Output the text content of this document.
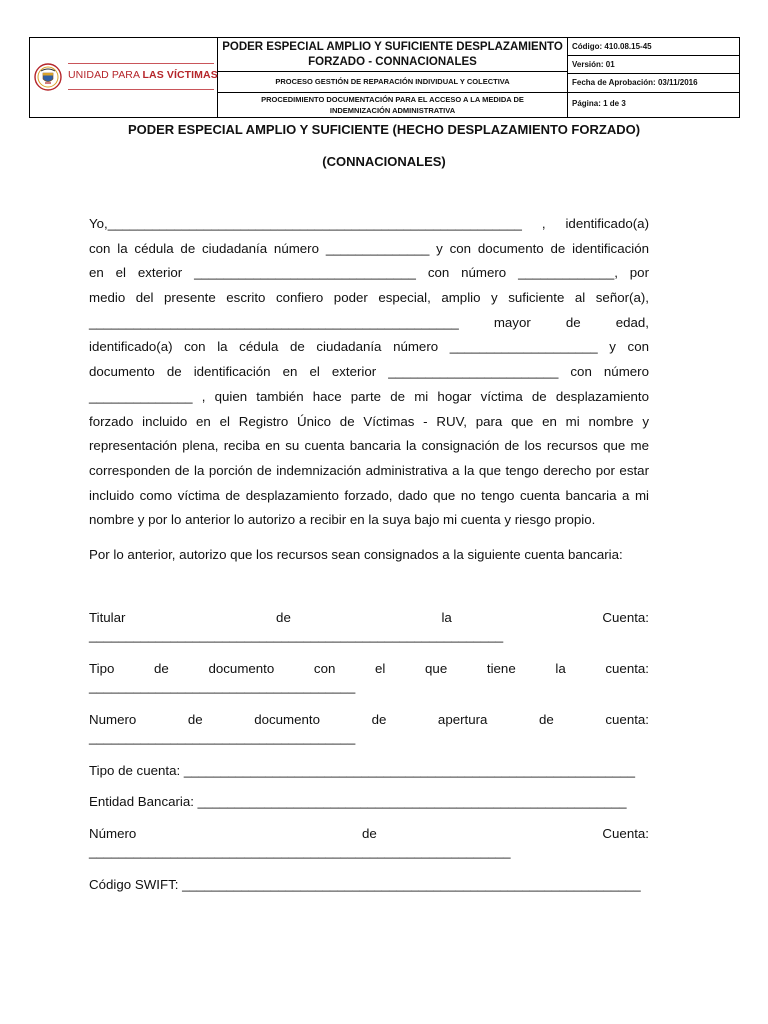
UNIDAD PARA LAS VÍCTIMAS
PODER ESPECIAL AMPLIO Y SUFICIENTE DESPLAZAMIENTO
FORZADO - CONNACIONALES
PROCESO GESTIÓN DE REPARACIÓN INDIVIDUAL Y COLECTIVA
PROCEDIMIENTO DOCUMENTACIÓN PARA EL ACCESO A LA MEDIDA DE
INDEMNIZACIÓN ADMINISTRATIVA
Código: 410.08.15-45
Versión: 01
Fecha de Aprobación: 03/11/2016
Página: 1 de 3
PODER ESPECIAL AMPLIO Y SUFICIENTE (HECHO DESPLAZAMIENTO FORZADO)
(CONNACIONALES)
Yo,________________________________________________________ , identificado(a)
con la cédula de ciudadanía número ______________ y con documento de identificación
en el exterior ______________________________ con número _____________, por
medio del presente escrito confiero poder especial, amplio y suficiente al señor(a),
__________________________________________________ mayor de edad,
identificado(a) con la cédula de ciudadanía número ____________________ y con
documento de identificación en el exterior _______________________ con número
______________ , quien también hace parte de mi hogar víctima de desplazamiento
forzado incluido en el Registro Único de Víctimas - RUV, para que en mi nombre y
representación plena, reciba en su cuenta bancaria la consignación de los recursos que me
corresponden de la porción de indemnización administrativa a la que tengo derecho por estar
incluido como víctima de desplazamiento forzado, dado que no tengo cuenta bancaria a mi
nombre y por lo anterior lo autorizo a recibir en la suya bajo mi cuenta y riesgo propio.
Por lo anterior, autorizo que los recursos sean consignados a la siguiente cuenta bancaria:
Titular de la Cuenta:
________________________________________________________
Tipo de documento con el que tiene la cuenta:
____________________________________
Numero de documento de apertura de cuenta:
____________________________________
Tipo de cuenta: _____________________________________________________________
Entidad Bancaria: __________________________________________________________
Número de Cuenta:
_________________________________________________________
Código SWIFT: ______________________________________________________________
